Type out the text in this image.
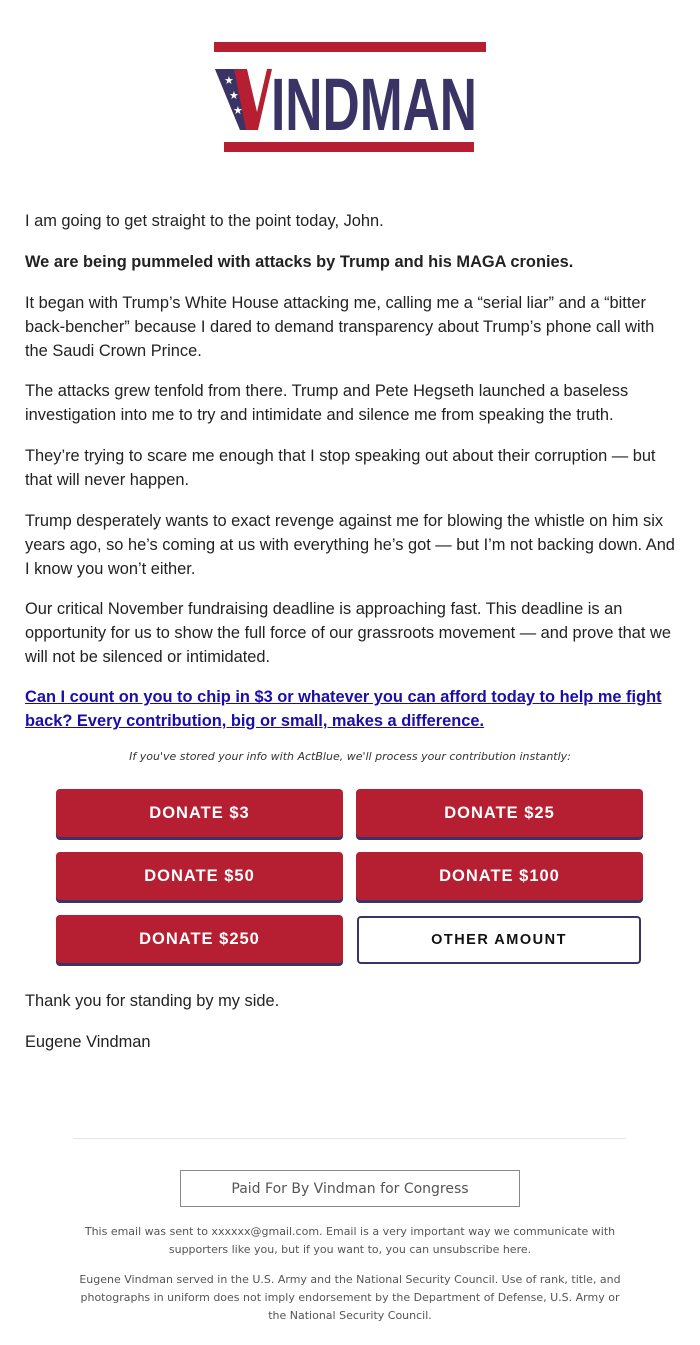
★
★
★ INDMAN

I am going to get straight to the point today, John.

We are being pummeled with attacks by Trump and his MAGA cronies.

It began with Trump’s White House attacking me, calling me a “serial liar” and a “bitter back-bencher” because I dared to demand transparency about Trump’s phone call with the Saudi Crown Prince.

The attacks grew tenfold from there. Trump and Pete Hegseth launched a baseless investigation into me to try and intimidate and silence me from speaking the truth.

They’re trying to scare me enough that I stop speaking out about their corruption — but that will never happen.

Trump desperately wants to exact revenge against me for blowing the whistle on him six years ago, so he’s coming at us with everything he’s got — but I’m not backing down. And I know you won’t either.

Our critical November fundraising deadline is approaching fast. This deadline is an opportunity for us to show the full force of our grassroots movement — and prove that we will not be silenced or intimidated.

Can I count on you to chip in $3 or whatever you can afford today to help me fight back? Every contribution, big or small, makes a difference.

If you've stored your info with ActBlue, we'll process your contribution instantly:
DONATE $3	DONATE $25
DONATE $50	DONATE $100
DONATE $250	OTHER AMOUNT

Thank you for standing by my side.

Eugene Vindman

Paid For By Vindman for Congress
This email was sent to xxxxxx@gmail.com. Email is a very important way we communicate with supporters like you, but if you want to, you can unsubscribe here.
Eugene Vindman served in the U.S. Army and the National Security Council. Use of rank, title, and photographs in uniform does not imply endorsement by the Department of Defense, U.S. Army or the National Security Council.
